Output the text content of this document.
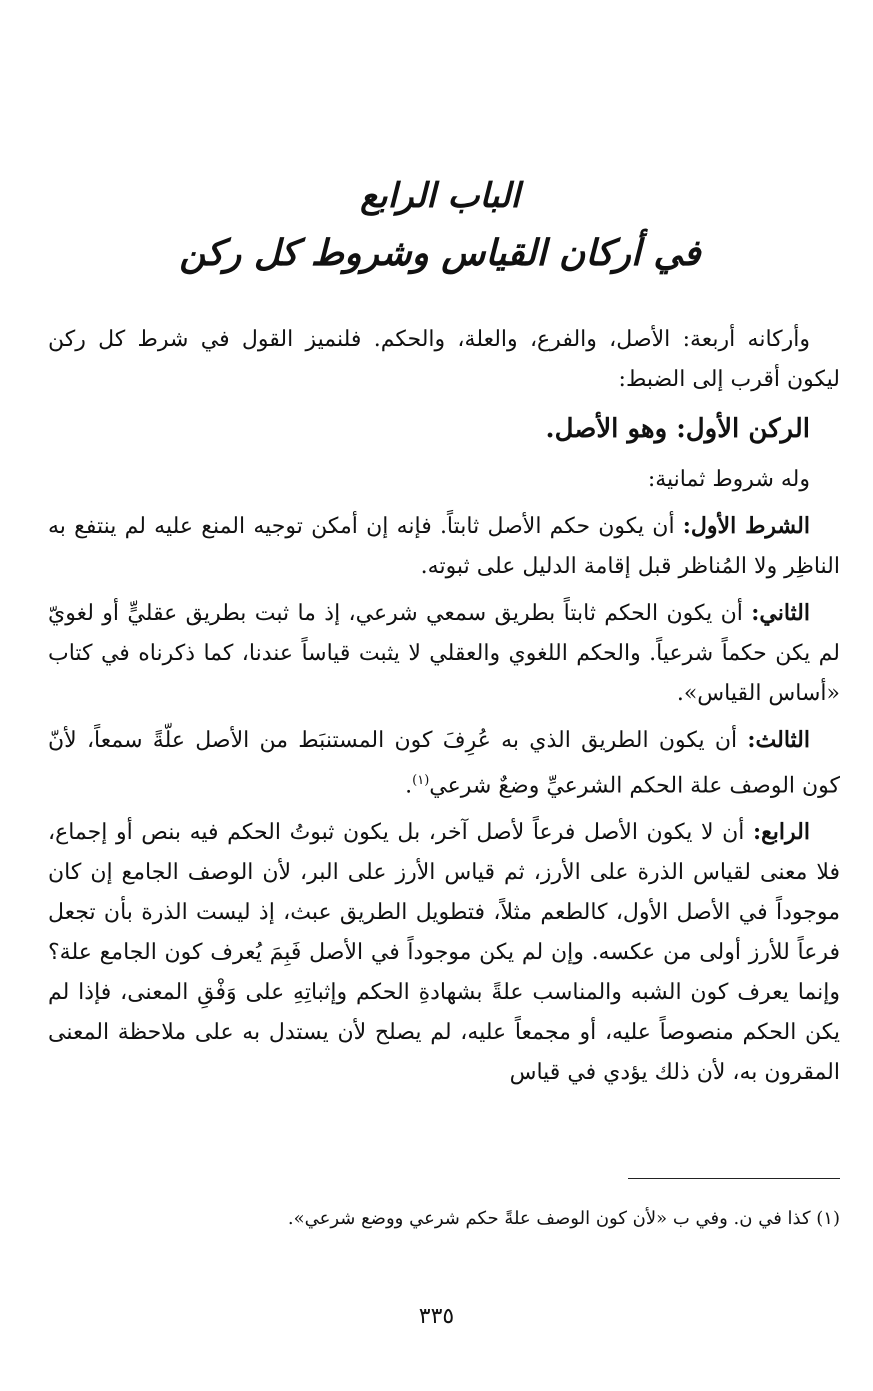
الباب الرابع
في أركان القياس وشروط كل ركن

وأركانه أربعة: الأصل، والفرع، والعلة، والحكم. فلنميز القول في شرط كل ركن ليكون أقرب إلى الضبط:

الركن الأول: وهو الأصل.

وله شروط ثمانية:

الشرط الأول: أن يكون حكم الأصل ثابتاً. فإنه إن أمكن توجيه المنع عليه لم ينتفع به الناظِر ولا المُناظر قبل إقامة الدليل على ثبوته.

الثاني: أن يكون الحكم ثابتاً بطريق سمعي شرعي، إذ ما ثبت بطريق عقليٍّ أو لغويّ لم يكن حكماً شرعياً. والحكم اللغوي والعقلي لا يثبت قياساً عندنا، كما ذكرناه في كتاب «أساس القياس».

الثالث: أن يكون الطريق الذي به عُرِفَ كون المستنبَط من الأصل علّةً سمعاً، لأنّ كون الوصف علة الحكم الشرعيِّ وضعٌ شرعي$^{(١)}$.

الرابع: أن لا يكون الأصل فرعاً لأصل آخر، بل يكون ثبوتُ الحكم فيه بنص أو إجماع، فلا معنى لقياس الذرة على الأرز، ثم قياس الأرز على البر، لأن الوصف الجامع إن كان موجوداً في الأصل الأول، كالطعم مثلاً، فتطويل الطريق عبث، إذ ليست الذرة بأن تجعل فرعاً للأرز أولى من عكسه. وإن لم يكن موجوداً في الأصل فَبِمَ يُعرف كون الجامع علة؟ وإنما يعرف كون الشبه والمناسب علةً بشهادةِ الحكم وإثباتِهِ على وَفْقِ المعنى، فإذا لم يكن الحكم منصوصاً عليه، أو مجمعاً عليه، لم يصلح لأن يستدل به على ملاحظة المعنى المقرون به، لأن ذلك يؤدي في قياس

(١) كذا في ن. وفي ب «لأن كون الوصف علةً حكم شرعي ووضع شرعي».
٣٣٥
